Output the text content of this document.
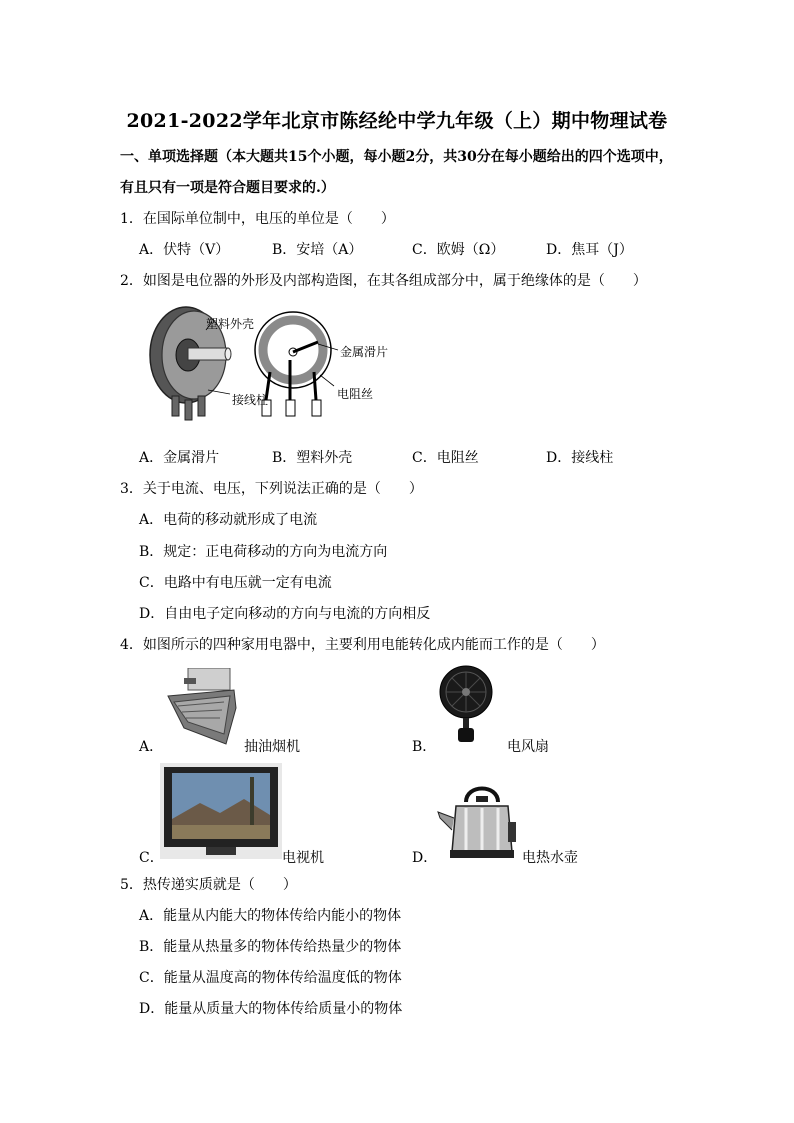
2021-2022学年北京市陈经纶中学九年级（上）期中物理试卷
一、单项选择题（本大题共15个小题，每小题2分，共30分在每小题给出的四个选项中，
有且只有一项是符合题目要求的.）
1．在国际单位制中，电压的单位是（　　）
A．伏特（V）	B．安培（A）	C．欧姆（Ω）	D．焦耳（J）
2．如图是电位器的外形及内部构造图，在其各组成部分中，属于绝缘体的是（　　）
塑料外壳
接线柱
金属滑片
电阻丝
A．金属滑片	B．塑料外壳	C．电阻丝	D．接线柱
3．关于电流、电压，下列说法正确的是（　　）
A．电荷的移动就形成了电流
B．规定：正电荷移动的方向为电流方向
C．电路中有电压就一定有电流
D．自由电子定向移动的方向与电流的方向相反
4．如图所示的四种家用电器中，主要利用电能转化成内能而工作的是（　　）
A．	抽油烟机	B．	电风扇
C．	电视机	D．	电热水壶
5．热传递实质就是（　　）
A．能量从内能大的物体传给内能小的物体
B．能量从热量多的物体传给热量少的物体
C．能量从温度高的物体传给温度低的物体
D．能量从质量大的物体传给质量小的物体
